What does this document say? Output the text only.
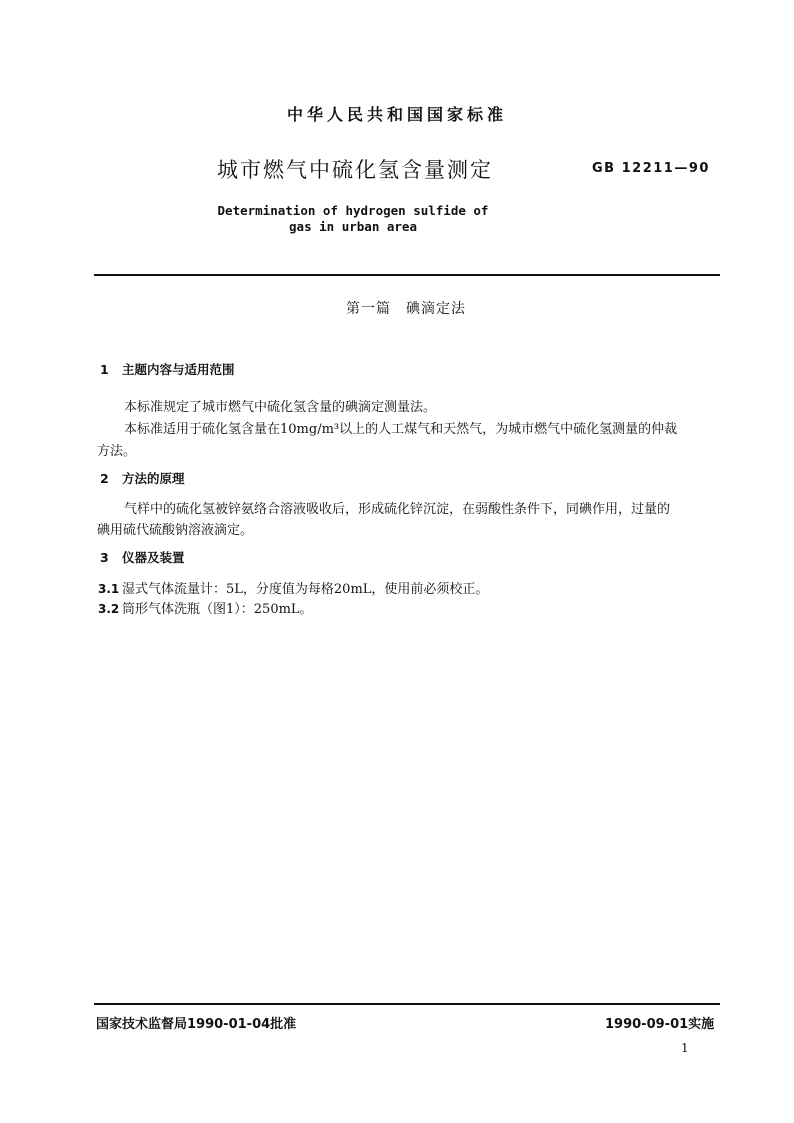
中华人民共和国国家标准
城市燃气中硫化氢含量测定	GB 12211—90
Determination of hydrogen sulfide of
gas in urban area
第一篇　碘滴定法
1 主题内容与适用范围
本标准规定了城市燃气中硫化氢含量的碘滴定测量法。
本标准适用于硫化氢含量在10mg/m³以上的人工煤气和天然气，为城市燃气中硫化氢测量的仲裁
方法。
2 方法的原理
气样中的硫化氢被锌氨络合溶液吸收后，形成硫化锌沉淀，在弱酸性条件下，同碘作用，过量的
碘用硫代硫酸钠溶液滴定。
3 仪器及装置
3.1 湿式气体流量计：5L，分度值为每格20mL，使用前必须校正。
3.2 筒形气体洗瓶（图1）：250mL。
国家技术监督局1990-01-04批准	1990-09-01实施
1
